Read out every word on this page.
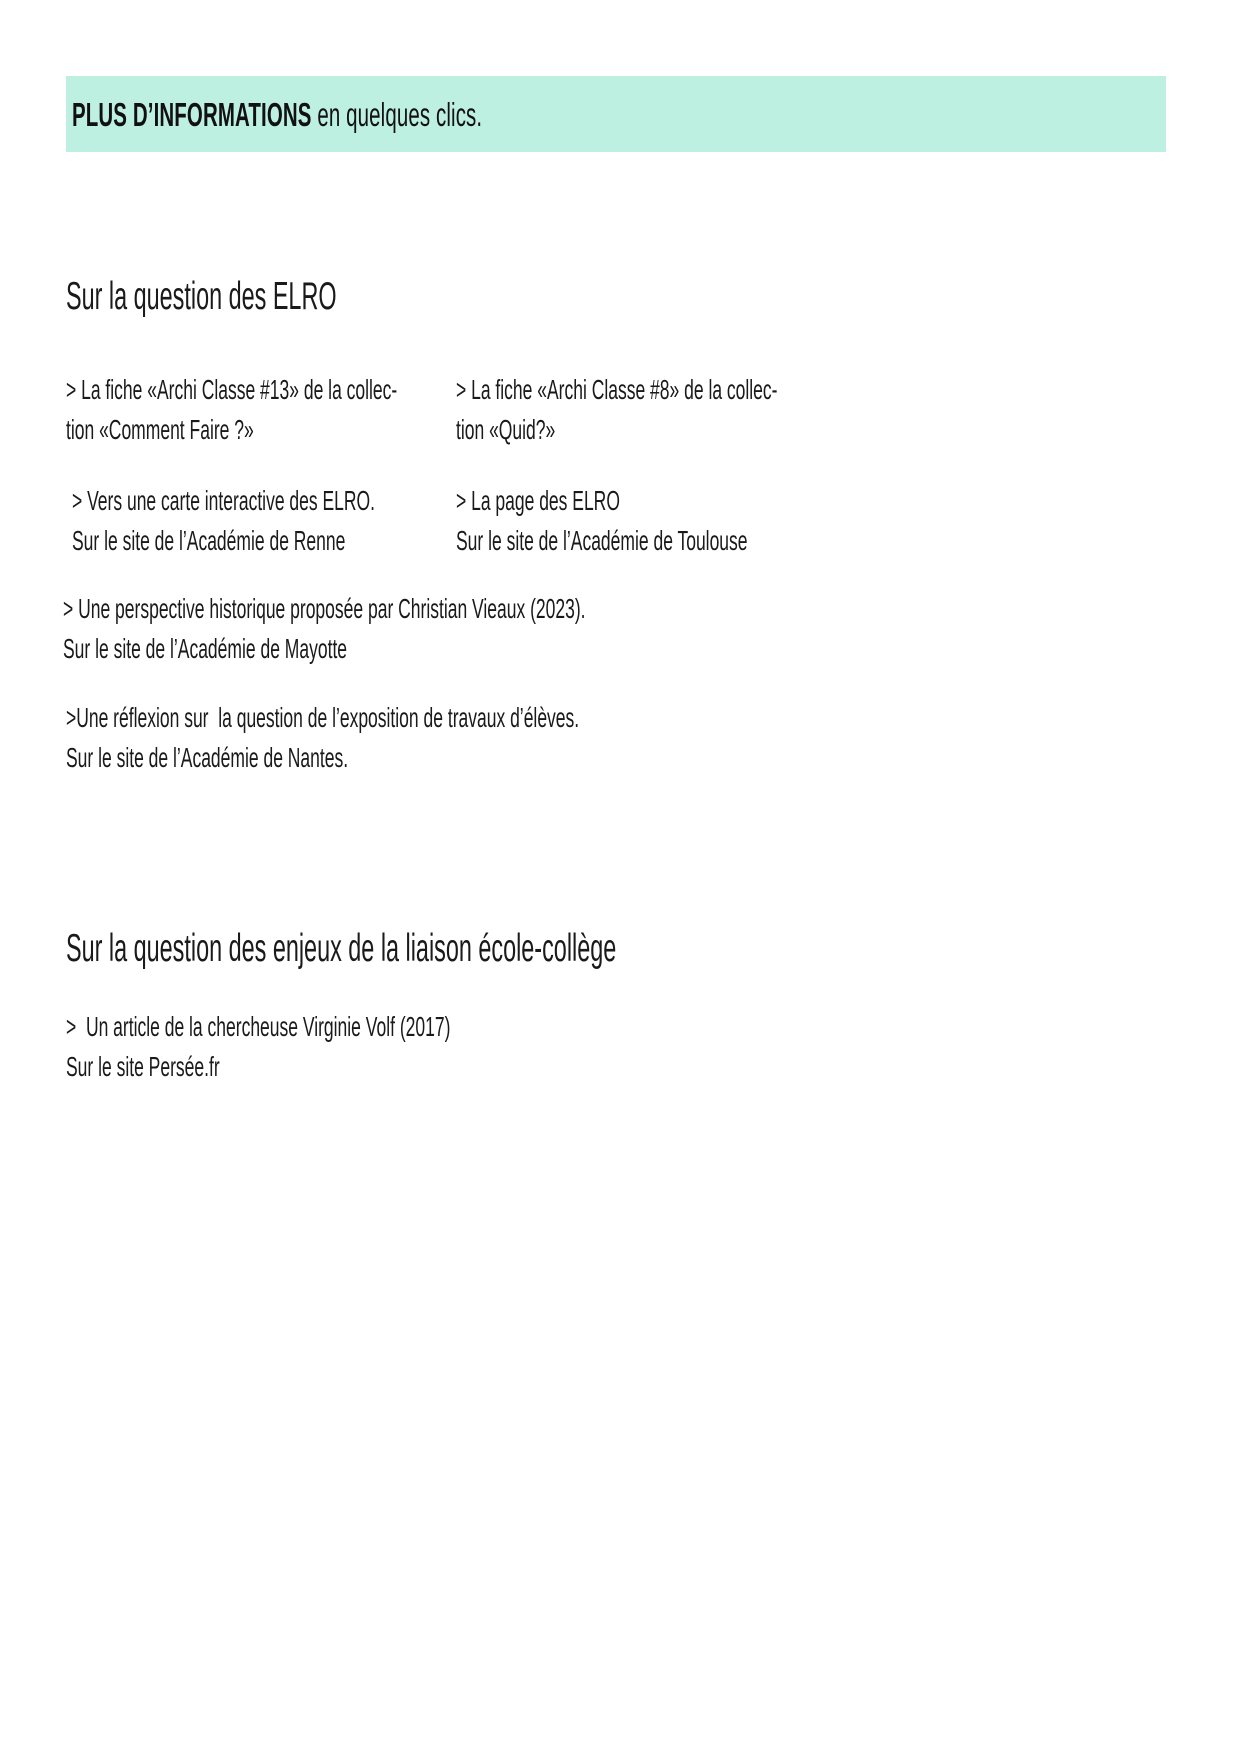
PLUS D’INFORMATIONS en quelques clics.
Sur la question des ELRO
> La fiche «Archi Classe #13» de la collec-
tion «Comment Faire ?»
> La fiche «Archi Classe #8» de la collec-
tion «Quid?»
> Vers une carte interactive des ELRO.
Sur le site de l’Académie de Renne
> La page des ELRO
Sur le site de l’Académie de Toulouse
> Une perspective historique proposée par Christian Vieaux (2023).
Sur le site de l’Académie de Mayotte
>Une réflexion sur  la question de l’exposition de travaux d’élèves.
Sur le site de l’Académie de Nantes.
Sur la question des enjeux de la liaison école-collège
>  Un article de la chercheuse Virginie Volf (2017)
Sur le site Persée.fr
